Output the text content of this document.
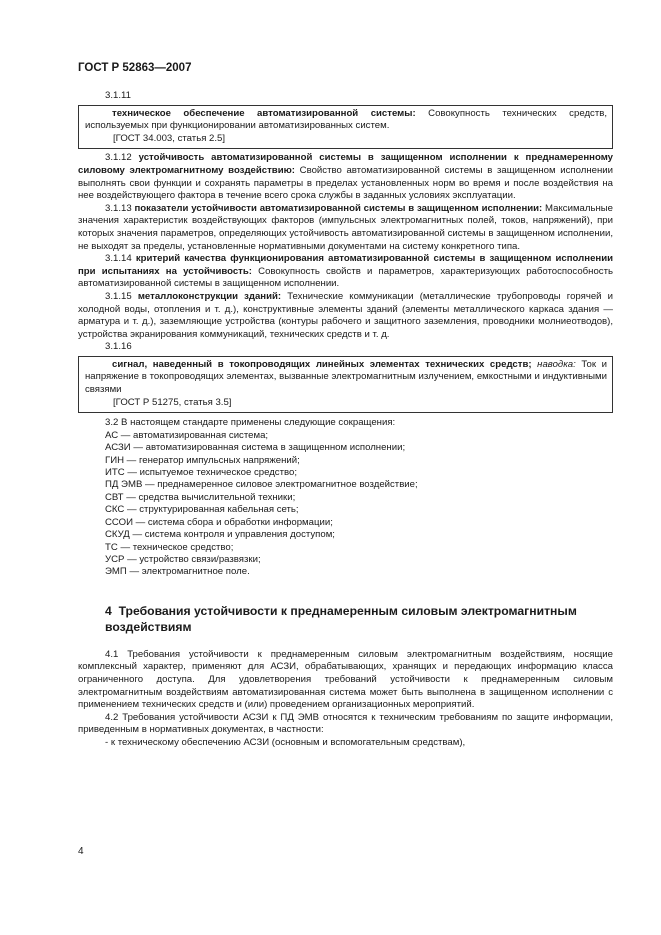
ГОСТ Р 52863—2007

3.1.11

техническое обеспечение автоматизированной системы: Совокупность технических средств, используемых при функционировании автоматизированных систем.

[ГОСТ 34.003, статья 2.5]

3.1.12 устойчивость автоматизированной системы в защищенном исполнении к преднамеренному силовому электромагнитному воздействию: Свойство автоматизированной системы в защищенном исполнении выполнять свои функции и сохранять параметры в пределах установленных норм во время и после воздействия на нее воздействующего фактора в течение всего срока службы в заданных условиях эксплуатации.

3.1.13 показатели устойчивости автоматизированной системы в защищенном исполнении: Максимальные значения характеристик воздействующих факторов (импульсных электромагнитных полей, токов, напряжений), при которых значения параметров, определяющих устойчивость автоматизированной системы в защищенном исполнении, не выходят за пределы, установленные нормативными документами на систему конкретного типа.

3.1.14 критерий качества функционирования автоматизированной системы в защищенном исполнении при испытаниях на устойчивость: Совокупность свойств и параметров, характеризующих работоспособность автоматизированной системы в защищенном исполнении.

3.1.15 металлоконструкции зданий: Технические коммуникации (металлические трубопроводы горячей и холодной воды, отопления и т. д.), конструктивные элементы зданий (элементы металлического каркаса здания — арматура и т. д.), заземляющие устройства (контуры рабочего и защитного заземления, проводники молниеотводов), устройства экранирования коммуникаций, технических средств и т. д.

3.1.16

сигнал, наведенный в токопроводящих линейных элементах технических средств; наводка: Ток и напряжение в токопроводящих элементах, вызванные электромагнитным излучением, емкостными и индуктивными связями

[ГОСТ Р 51275, статья 3.5]

3.2 В настоящем стандарте применены следующие сокращения:

АС — автоматизированная система;

АСЗИ — автоматизированная система в защищенном исполнении;

ГИН — генератор импульсных напряжений;

ИТС — испытуемое техническое средство;

ПД ЭМВ — преднамеренное силовое электромагнитное воздействие;

СВТ — средства вычислительной техники;

СКС — структурированная кабельная сеть;

ССОИ — система сбора и обработки информации;

СКУД — система контроля и управления доступом;

ТС — техническое средство;

УСР — устройство связи/развязки;

ЭМП — электромагнитное поле.

4 Требования устойчивости к преднамеренным силовым электромагнитным воздействиям

4.1 Требования устойчивости к преднамеренным силовым электромагнитным воздействиям, носящие комплексный характер, применяют для АСЗИ, обрабатывающих, хранящих и передающих информацию класса ограниченного доступа. Для удовлетворения требований устойчивости к преднамеренным силовым электромагнитным воздействиям автоматизированная система может быть выполнена в защищенном исполнении с применением технических средств и (или) проведением организационных мероприятий.

4.2 Требования устойчивости АСЗИ к ПД ЭМВ относятся к техническим требованиям по защите информации, приведенным в нормативных документах, в частности:

- к техническому обеспечению АСЗИ (основным и вспомогательным средствам),

4
